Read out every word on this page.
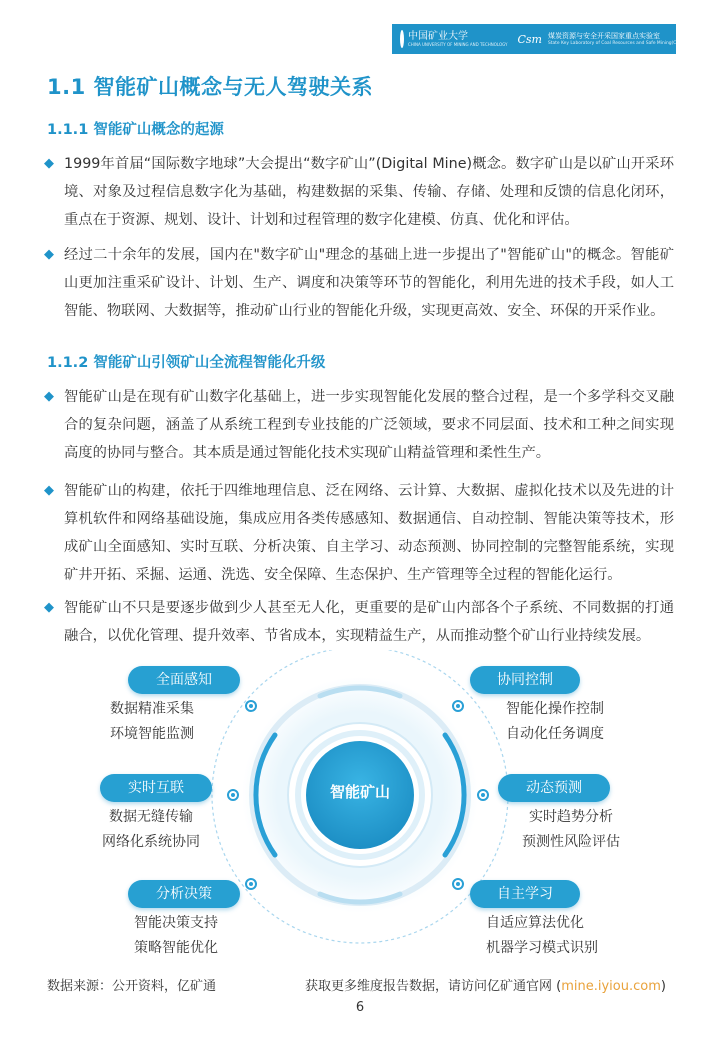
中国矿业大学
CHINA UNIVERSITY OF MINING AND TECHNOLOGY Csm 煤炭资源与安全开采国家重点实验室
State Key Laboratory of Coal Resources and Safe Mining(CUMT)
▲ 亿矿通
1.1 智能矿山概念与无人驾驶关系
1.1.1 智能矿山概念的起源
◆ 1999年首届“国际数字地球”大会提出“数字矿山”(Digital Mine)概念。数字矿山是以矿山开采环境、对象及过程信息数字化为基础，构建数据的采集、传输、存储、处理和反馈的信息化闭环，重点在于资源、规划、设计、计划和过程管理的数字化建模、仿真、优化和评估。
◆ 经过二十余年的发展，国内在"数字矿山"理念的基础上进一步提出了"智能矿山"的概念。智能矿山更加注重采矿设计、计划、生产、调度和决策等环节的智能化，利用先进的技术手段，如人工智能、物联网、大数据等，推动矿山行业的智能化升级，实现更高效、安全、环保的开采作业。
1.1.2 智能矿山引领矿山全流程智能化升级
◆ 智能矿山是在现有矿山数字化基础上，进一步实现智能化发展的整合过程，是一个多学科交叉融合的复杂问题，涵盖了从系统工程到专业技能的广泛领域，要求不同层面、技术和工种之间实现高度的协同与整合。其本质是通过智能化技术实现矿山精益管理和柔性生产。
◆ 智能矿山的构建，依托于四维地理信息、泛在网络、云计算、大数据、虚拟化技术以及先进的计算机软件和网络基础设施，集成应用各类传感感知、数据通信、自动控制、智能决策等技术，形成矿山全面感知、实时互联、分析决策、自主学习、动态预测、协同控制的完整智能系统，实现矿井开拓、采掘、运通、洗选、安全保障、生态保护、生产管理等全过程的智能化运行。
◆ 智能矿山不只是要逐步做到少人甚至无人化，更重要的是矿山内部各个子系统、不同数据的打通融合，以优化管理、提升效率、节省成本，实现精益生产，从而推动整个矿山行业持续发展。
智能矿山
全面感知
数据精准采集
环境智能监测
实时互联
数据无缝传输
网络化系统协同
分析决策
智能决策支持
策略智能优化
协同控制
智能化操作控制
自动化任务调度
动态预测
实时趋势分析
预测性风险评估
自主学习
自适应算法优化
机器学习模式识别
数据来源：公开资料，亿矿通	获取更多维度报告数据，请访问亿矿通官网 (mine.iyiou.com)
6
